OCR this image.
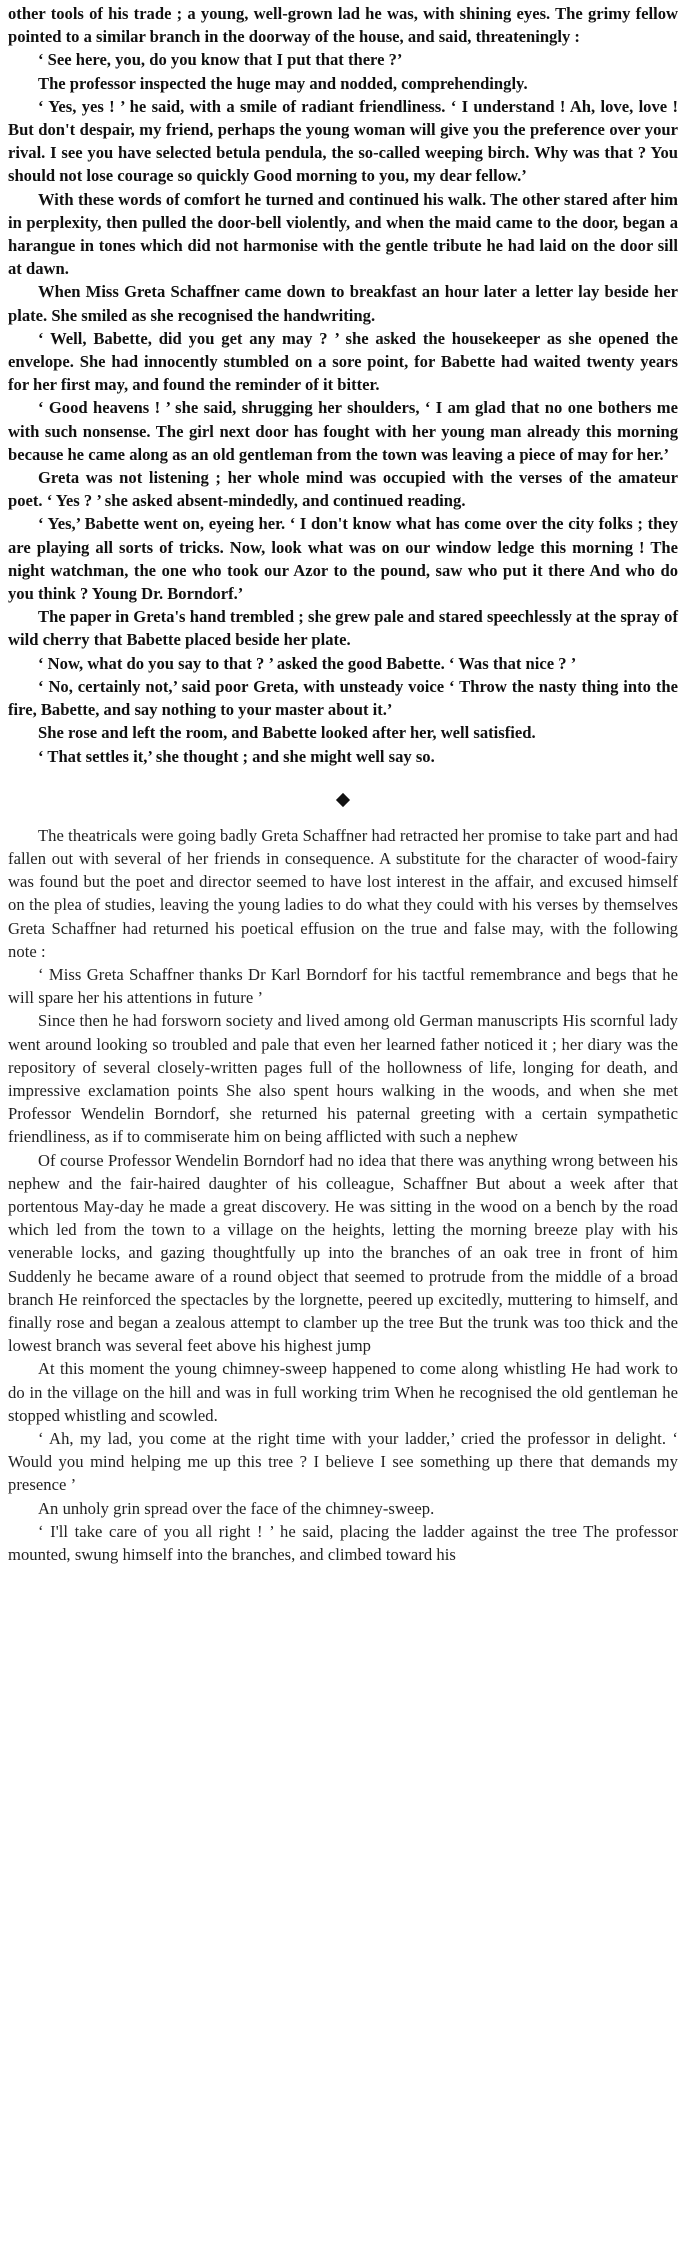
other tools of his trade ; a young, well-grown lad he was, with shining eyes. The grimy fellow pointed to a similar branch in the doorway of the house, and said, threateningly :

‘ See here, you, do you know that I put that there ?’

The professor inspected the huge may and nodded, comprehendingly.

‘ Yes, yes ! ’ he said, with a smile of radiant friendliness. ‘ I understand ! Ah, love, love ! But don't despair, my friend, perhaps the young woman will give you the preference over your rival. I see you have selected betula pendula, the so-called weeping birch. Why was that ? You should not lose courage so quickly Good morning to you, my dear fellow.’

With these words of comfort he turned and continued his walk. The other stared after him in perplexity, then pulled the door-bell violently, and when the maid came to the door, began a harangue in tones which did not harmonise with the gentle tribute he had laid on the door sill at dawn.

When Miss Greta Schaffner came down to breakfast an hour later a letter lay beside her plate. She smiled as she recognised the handwriting.

‘ Well, Babette, did you get any may ? ’ she asked the housekeeper as she opened the envelope. She had innocently stumbled on a sore point, for Babette had waited twenty years for her first may, and found the reminder of it bitter.

‘ Good heavens ! ’ she said, shrugging her shoulders, ‘ I am glad that no one bothers me with such nonsense. The girl next door has fought with her young man already this morning because he came along as an old gentleman from the town was leaving a piece of may for her.’

Greta was not listening ; her whole mind was occupied with the verses of the amateur poet. ‘ Yes ? ’ she asked absent-mindedly, and continued reading.

‘ Yes,’ Babette went on, eyeing her. ‘ I don't know what has come over the city folks ; they are playing all sorts of tricks. Now, look what was on our window ledge this morning ! The night watchman, the one who took our Azor to the pound, saw who put it there And who do you think ? Young Dr. Borndorf.’

The paper in Greta's hand trembled ; she grew pale and stared speechlessly at the spray of wild cherry that Babette placed beside her plate.

‘ Now, what do you say to that ? ’ asked the good Babette. ‘ Was that nice ? ’

‘ No, certainly not,’ said poor Greta, with unsteady voice ‘ Throw the nasty thing into the fire, Babette, and say nothing to your master about it.’

She rose and left the room, and Babette looked after her, well satisfied.

‘ That settles it,’ she thought ; and she might well say so.

The theatricals were going badly Greta Schaffner had retracted her promise to take part and had fallen out with several of her friends in consequence. A substitute for the character of wood-fairy was found but the poet and director seemed to have lost interest in the affair, and excused himself on the plea of studies, leaving the young ladies to do what they could with his verses by themselves Greta Schaffner had returned his poetical effusion on the true and false may, with the following note :

‘ Miss Greta Schaffner thanks Dr Karl Borndorf for his tactful remembrance and begs that he will spare her his attentions in future ’

Since then he had forsworn society and lived among old German manuscripts His scornful lady went around looking so troubled and pale that even her learned father noticed it ; her diary was the repository of several closely-written pages full of the hollowness of life, longing for death, and impressive exclamation points She also spent hours walking in the woods, and when she met Professor Wendelin Borndorf, she returned his paternal greeting with a certain sympathetic friendliness, as if to commiserate him on being afflicted with such a nephew

Of course Professor Wendelin Borndorf had no idea that there was anything wrong between his nephew and the fair-haired daughter of his colleague, Schaffner But about a week after that portentous May-day he made a great discovery. He was sitting in the wood on a bench by the road which led from the town to a village on the heights, letting the morning breeze play with his venerable locks, and gazing thoughtfully up into the branches of an oak tree in front of him Suddenly he became aware of a round object that seemed to protrude from the middle of a broad branch He reinforced the spectacles by the lorgnette, peered up excitedly, muttering to himself, and finally rose and began a zealous attempt to clamber up the tree But the trunk was too thick and the lowest branch was several feet above his highest jump

At this moment the young chimney-sweep happened to come along whistling He had work to do in the village on the hill and was in full working trim When he recognised the old gentleman he stopped whistling and scowled.

‘ Ah, my lad, you come at the right time with your ladder,’ cried the professor in delight. ‘ Would you mind helping me up this tree ? I believe I see something up there that demands my presence ’

An unholy grin spread over the face of the chimney-sweep.

‘ I'll take care of you all right ! ’ he said, placing the ladder against the tree The professor mounted, swung himself into the branches, and climbed toward his
